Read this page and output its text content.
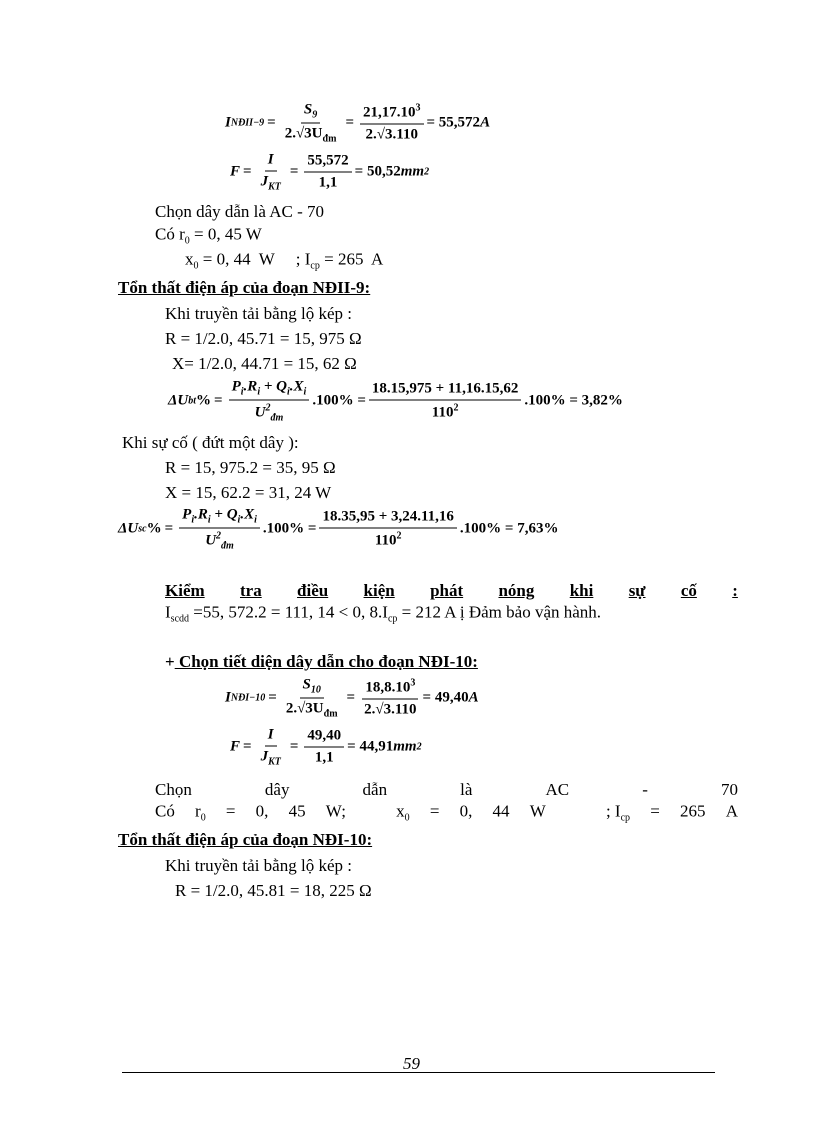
I NĐII−9 = $\frac{S_9}{2.√3U_{đm}} = \frac{21,17.10^3}{2.√3.110} = 55,572$ A
$F = \frac{I}{J_{KT}} = \frac{55,572}{1,1} = 50,52$ mm 2
Chọn dây dẫn là AC - 70
Có $r_0 = 0$, 45 W
$x_0 = 0$, 44  W     ; $I_{cp} = 265$  A
Tổn thất điện áp của đoạn NĐII-9:
Khi truyền tải bằng lộ kép :
R = 1/2.0, 45.71 = 15, 975 Ω
X= 1/2.0, 44.71 = 15, 62 Ω
ΔU bt % = $\frac{P_i.R_i + Q_i.X_i}{U^2_{đm}} .100\% = \frac{18.15,975 + 11,16.15,62}{110^2} .100\% = 3,82\%$
Khi sự cố ( đứt một dây ):
R = 15, 975.2 = 35, 95 Ω
X = 15, 62.2 = 31, 24 W
ΔU sc % = $\frac{P_i.R_i + Q_i.X_i}{U^2_{đm}} .100\% = \frac{18.35,95 + 3,24.11,16}{110^2} .100\% = 7,63\%$
Kiểm tra điều kiện phát nóng khi sự cố :
$I_{scdd} =55$, 572.2 = 111, 14 < 0, $8.I_{cp} = 212$ A ị Đảm bảo vận hành.
+ Chọn tiết diện dây dẫn cho đoạn NĐI-10:
I NĐI−10 = $\frac{S_{10}}{2.√3U_{đm}} = \frac{18,8.10^3}{2.√3.110} = 49,40$ A
$F = \frac{I}{J_{KT}} = \frac{49,40}{1,1} = 44,91$ mm 2
Chọn	dây	dẫn	là	AC	-	70
Có $r_0 = 0$, 45 W;	$x_0 = 0$, 44 W	; $I_{cp} = 265$ A
Tổn thất điện áp của đoạn NĐI-10:
Khi truyền tải bằng lộ kép :
R = 1/2.0, 45.81 = 18, 225 Ω
59
